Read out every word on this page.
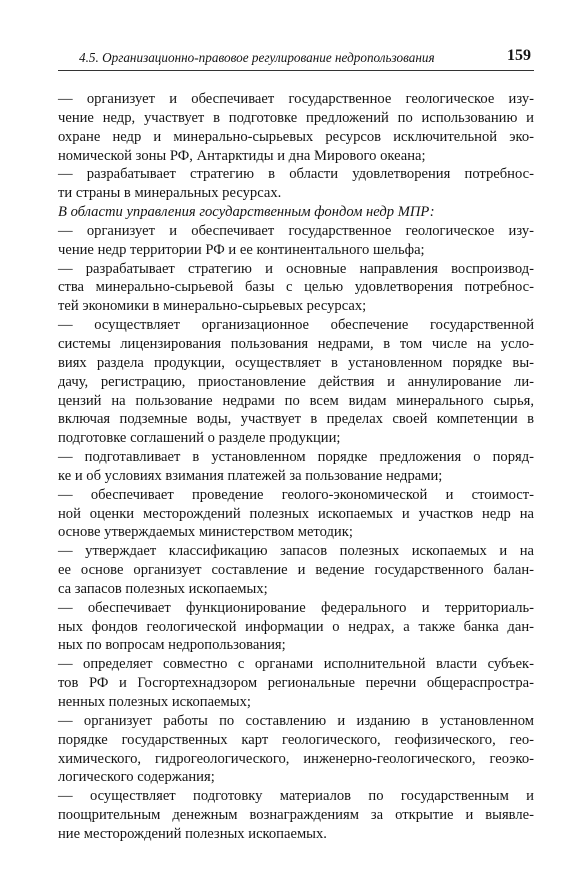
4.5. Организационно-правовое регулирование недропользования	159
— организует и обеспечивает государственное геологическое изу-
чение недр, участвует в подготовке предложений по использованию и
охране недр и минерально-сырьевых ресурсов исключительной эко-
номической зоны РФ, Антарктиды и дна Мирового океана;
— разрабатывает стратегию в области удовлетворения потребнос-
ти страны в минеральных ресурсах.
В области управления государственным фондом недр МПР:
— организует и обеспечивает государственное геологическое изу-
чение недр территории РФ и ее континентального шельфа;
— разрабатывает стратегию и основные направления воспроизвод-
ства минерально-сырьевой базы с целью удовлетворения потребнос-
тей экономики в минерально-сырьевых ресурсах;
— осуществляет организационное обеспечение государственной
системы лицензирования пользования недрами, в том числе на усло-
виях раздела продукции, осуществляет в установленном порядке вы-
дачу, регистрацию, приостановление действия и аннулирование ли-
цензий на пользование недрами по всем видам минерального сырья,
включая подземные воды, участвует в пределах своей компетенции в
подготовке соглашений о разделе продукции;
— подготавливает в установленном порядке предложения о поряд-
ке и об условиях взимания платежей за пользование недрами;
— обеспечивает проведение геолого-экономической и стоимост-
ной оценки месторождений полезных ископаемых и участков недр на
основе утверждаемых министерством методик;
— утверждает классификацию запасов полезных ископаемых и на
ее основе организует составление и ведение государственного балан-
са запасов полезных ископаемых;
— обеспечивает функционирование федерального и территориаль-
ных фондов геологической информации о недрах, а также банка дан-
ных по вопросам недропользования;
— определяет совместно с органами исполнительной власти субъек-
тов РФ и Госгортехнадзором региональные перечни общераспростра-
ненных полезных ископаемых;
— организует работы по составлению и изданию в установленном
порядке государственных карт геологического, геофизического, гео-
химического, гидрогеологического, инженерно-геологического, геоэко-
логического содержания;
— осуществляет подготовку материалов по государственным и
поощрительным денежным вознаграждениям за открытие и выявле-
ние месторождений полезных ископаемых.
